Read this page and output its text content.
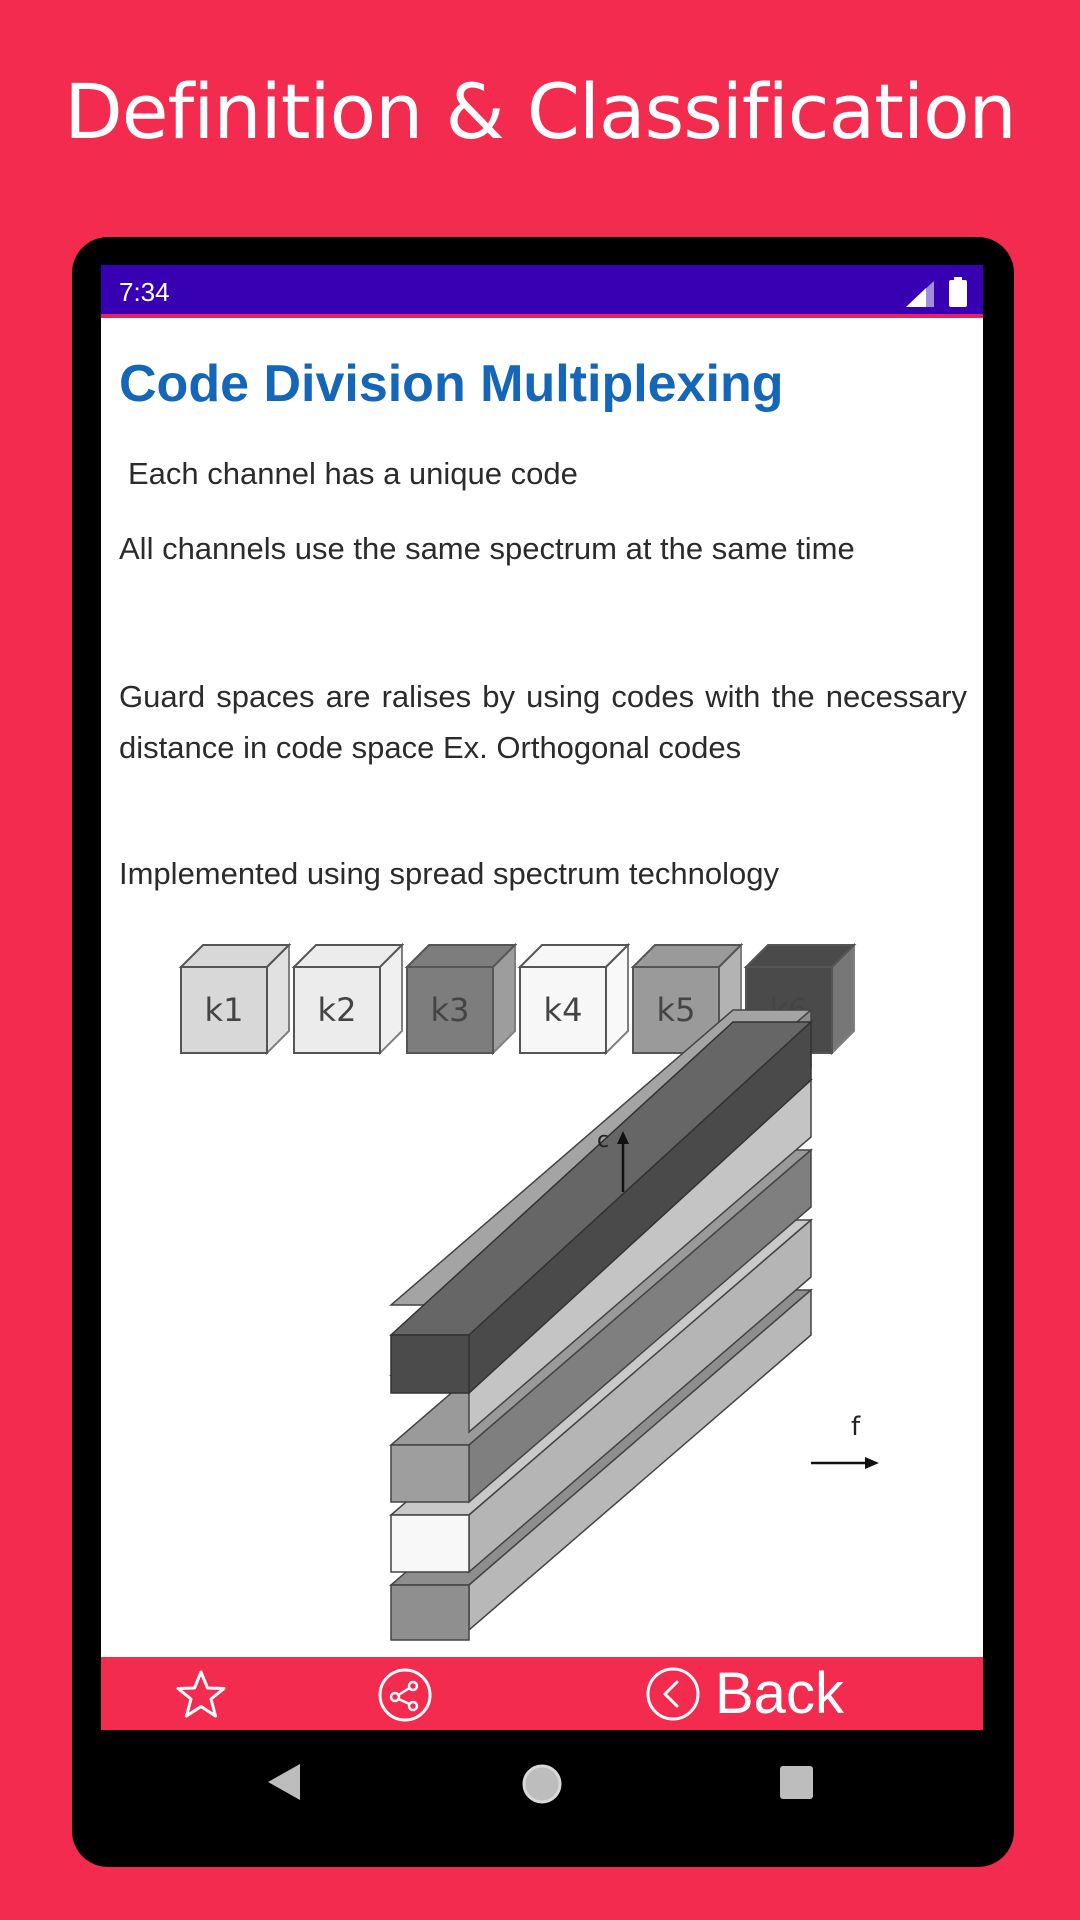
Definition & Classification
7:34
Code Division Multiplexing

Each channel has a unique code

All channels use the same spectrum at the same time

Guard spaces are ralises by using codes with the necessary distance in code space Ex. Orthogonal codes

Implemented using spread spectrum technology

k1 k2 k3 k4 k5
c
f
Back
